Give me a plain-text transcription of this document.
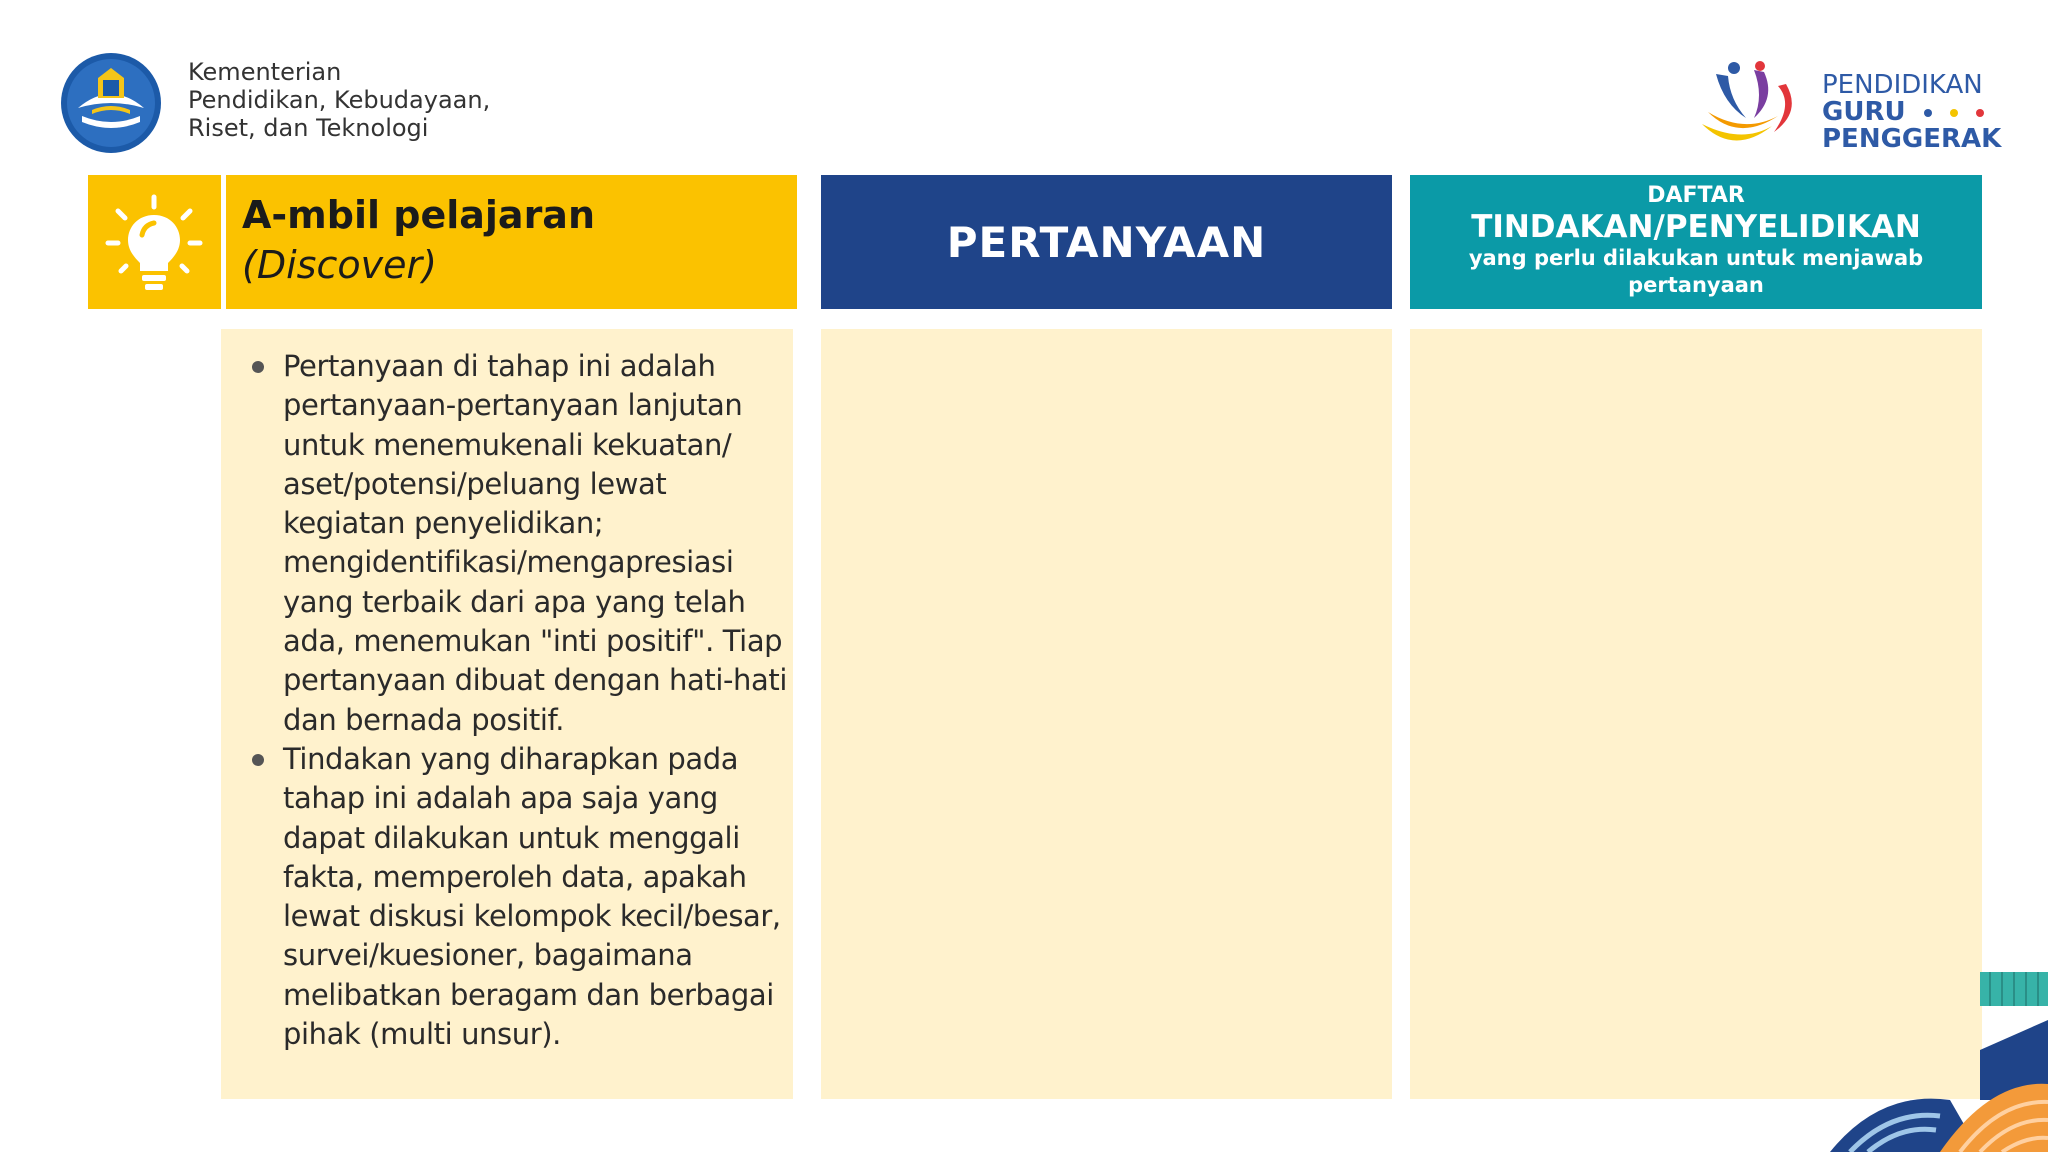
Kementerian
Pendidikan, Kebudayaan,
Riset, dan Teknologi
PENDIDIKAN
GURU
PENGGERAK
A-mbil pelajaran
(Discover)	PERTANYAAN
DAFTAR
TINDAKAN/PENYELIDIKAN
yang perlu dilakukan untuk menjawab pertanyaan
Pertanyaan di tahap ini adalah pertanyaan-pertanyaan lanjutan untuk menemukenali kekuatan/ aset/potensi/peluang lewat kegiatan penyelidikan; mengidentifikasi/mengapresiasi yang terbaik dari apa yang telah ada, menemukan "inti positif". Tiap pertanyaan dibuat dengan hati-hati dan bernada positif.
Tindakan yang diharapkan pada tahap ini adalah apa saja yang dapat dilakukan untuk menggali fakta, memperoleh data, apakah lewat diskusi kelompok kecil/besar, survei/kuesioner, bagaimana melibatkan beragam dan berbagai pihak (multi unsur).
